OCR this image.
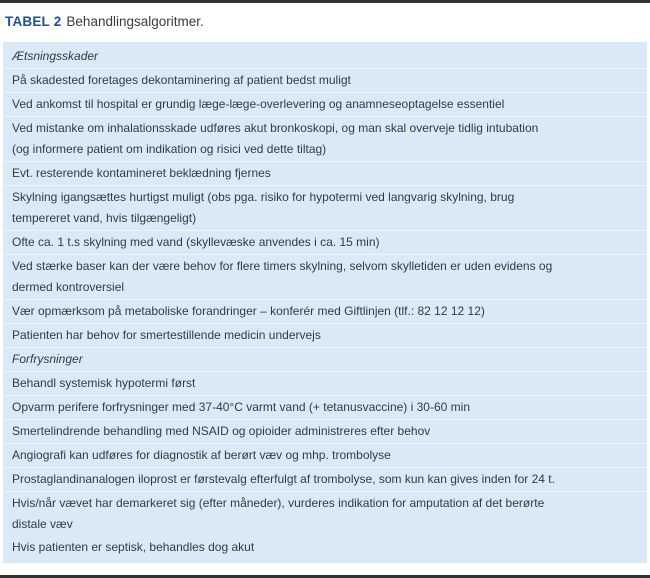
TABEL 2 Behandlingsalgoritmer.
Ætsningsskader
På skadested foretages dekontaminering af patient bedst muligt
Ved ankomst til hospital er grundig læge-læge-overlevering og anamneseoptagelse essentiel
Ved mistanke om inhalationsskade udføres akut bronkoskopi, og man skal overveje tidlig intubation
(og informere patient om indikation og risici ved dette tiltag)
Evt. resterende kontamineret beklædning fjernes
Skylning igangsættes hurtigst muligt (obs pga. risiko for hypotermi ved langvarig skylning, brug
tempereret vand, hvis tilgængeligt)
Ofte ca. 1 t.s skylning med vand (skyllevæske anvendes i ca. 15 min)
Ved stærke baser kan der være behov for flere timers skylning, selvom skylletiden er uden evidens og
dermed kontroversiel
Vær opmærksom på metaboliske forandringer – konferér med Giftlinjen (tlf.: 82 12 12 12)
Patienten har behov for smertestillende medicin undervejs
Forfrysninger
Behandl systemisk hypotermi først
Opvarm perifere forfrysninger med 37-40°C varmt vand (+ tetanusvaccine) i 30-60 min
Smertelindrende behandling med NSAID og opioider administreres efter behov
Angiografi kan udføres for diagnostik af berørt væv og mhp. trombolyse
Prostaglandinanalogen iloprost er førstevalg efterfulgt af trombolyse, som kun kan gives inden for 24 t.
Hvis/når vævet har demarkeret sig (efter måneder), vurderes indikation for amputation af det berørte
distale væv
Hvis patienten er septisk, behandles dog akut
